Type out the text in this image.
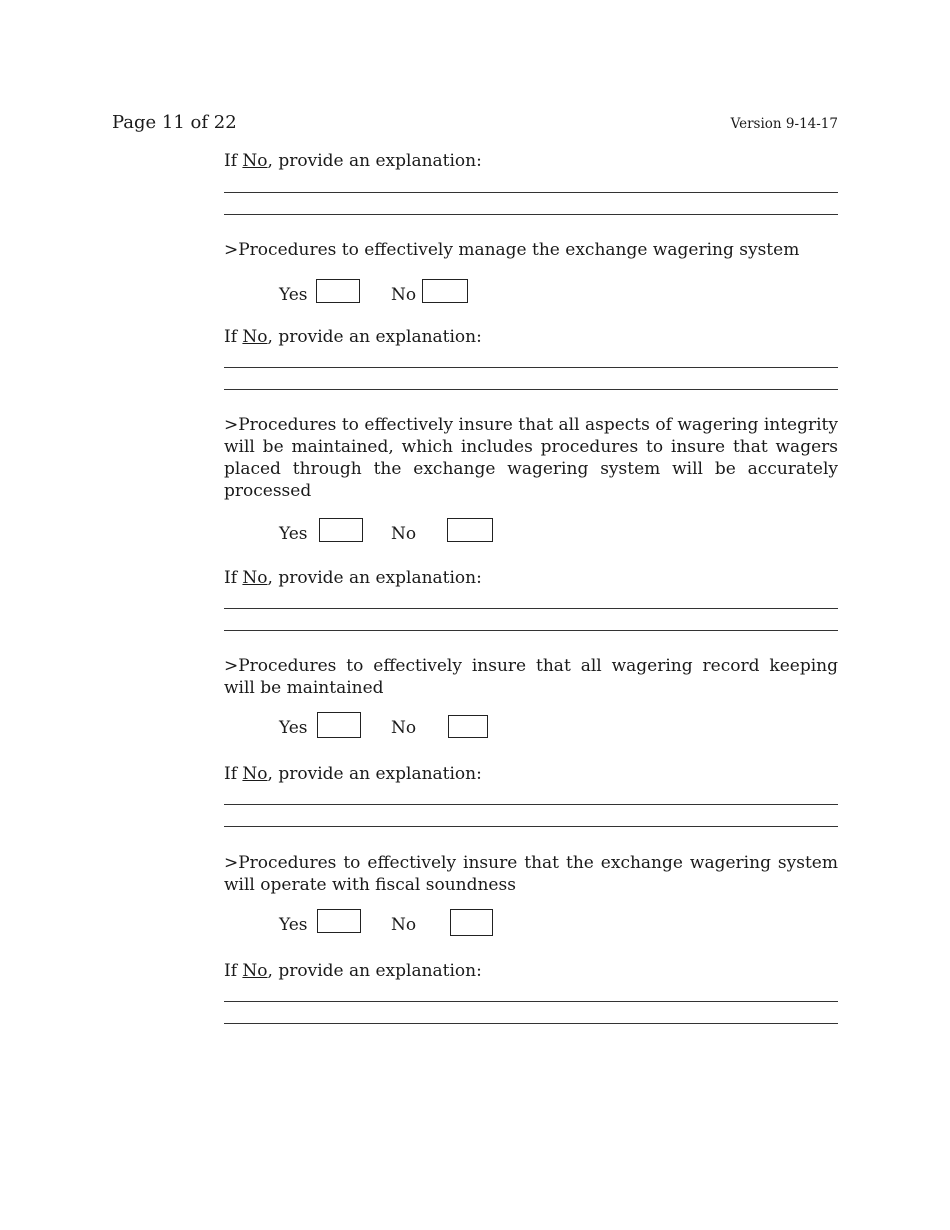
Page 11 of 22	Version 9-14-17
If No, provide an explanation:
>Procedures to effectively manage the exchange wagering system
Yes	No
If No, provide an explanation:
>Procedures to effectively insure that all aspects of wagering integrity will be maintained, which includes procedures to insure that wagers placed through the exchange wagering system will be accurately processed
Yes	No
If No, provide an explanation:
>Procedures to effectively insure that all wagering record keeping will be maintained
Yes	No
If No, provide an explanation:
>Procedures to effectively insure that the exchange wagering system will operate with fiscal soundness
Yes	No
If No, provide an explanation:
